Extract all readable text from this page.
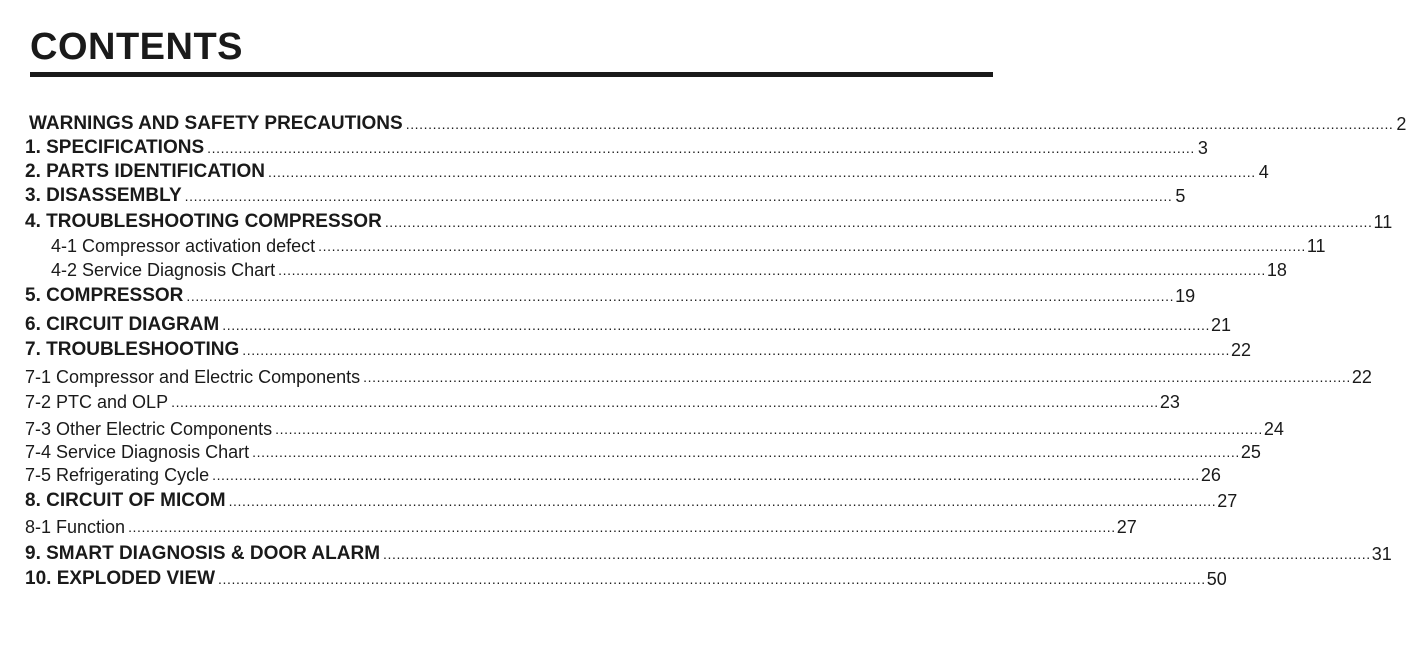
CONTENTS
WARNINGS AND SAFETY PRECAUTIONS ............................................................................................................................................................................................................................ 2
1. SPECIFICATIONS ............................................................................................................................................................................................................................ 3
2. PARTS IDENTIFICATION ............................................................................................................................................................................................................................ 4
3. DISASSEMBLY ............................................................................................................................................................................................................................ 5
4. TROUBLESHOOTING COMPRESSOR ............................................................................................................................................................................................................................ 11
4-1 Compressor activation defect ............................................................................................................................................................................................................................ 11
4-2 Service Diagnosis Chart ............................................................................................................................................................................................................................ 18
5. COMPRESSOR ............................................................................................................................................................................................................................ 19
6. CIRCUIT DIAGRAM ............................................................................................................................................................................................................................ 21
7. TROUBLESHOOTING ............................................................................................................................................................................................................................ 22
7-1 Compressor and Electric Components ............................................................................................................................................................................................................................ 22
7-2 PTC and OLP ............................................................................................................................................................................................................................ 23
7-3 Other Electric Components ............................................................................................................................................................................................................................ 24
7-4 Service Diagnosis Chart ............................................................................................................................................................................................................................ 25
7-5 Refrigerating Cycle ............................................................................................................................................................................................................................ 26
8. CIRCUIT OF MICOM ............................................................................................................................................................................................................................ 27
8-1 Function ............................................................................................................................................................................................................................ 27
9. SMART DIAGNOSIS & DOOR ALARM ............................................................................................................................................................................................................................ 31
10. EXPLODED VIEW ............................................................................................................................................................................................................................ 50
